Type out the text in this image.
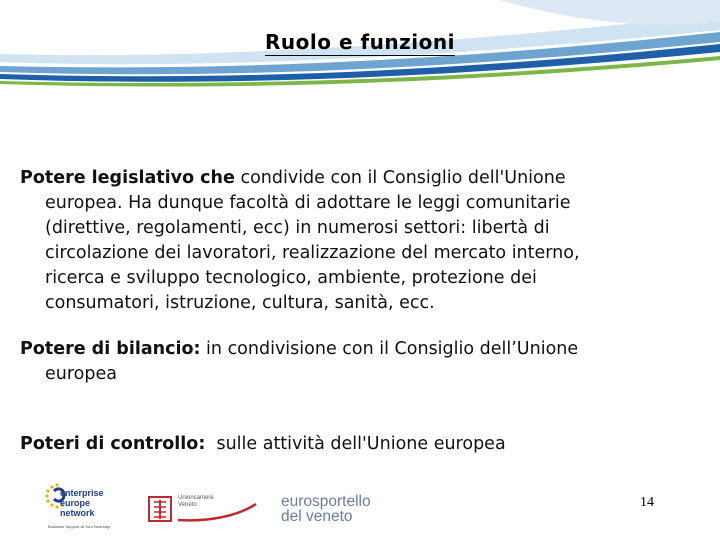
Ruolo e funzioni
Potere legislativo che condivide con il Consiglio dell'Unione
europea. Ha dunque facoltà di adottare le leggi comunitarie
(direttive, regolamenti, ecc) in numerosi settori: libertà di
circolazione dei lavoratori, realizzazione del mercato interno,
ricerca e sviluppo tecnologico, ambiente, protezione dei
consumatori, istruzione, cultura, sanità, ecc.
Potere di bilancio: in condivisione con il Consiglio dell’Unione
europea
Poteri di controllo:  sulle attività dell'Unione europea
enterprise
europe
network
Business Support at Your Doorstep
Unioncamere
Veneto	eurosportello
del veneto
14
